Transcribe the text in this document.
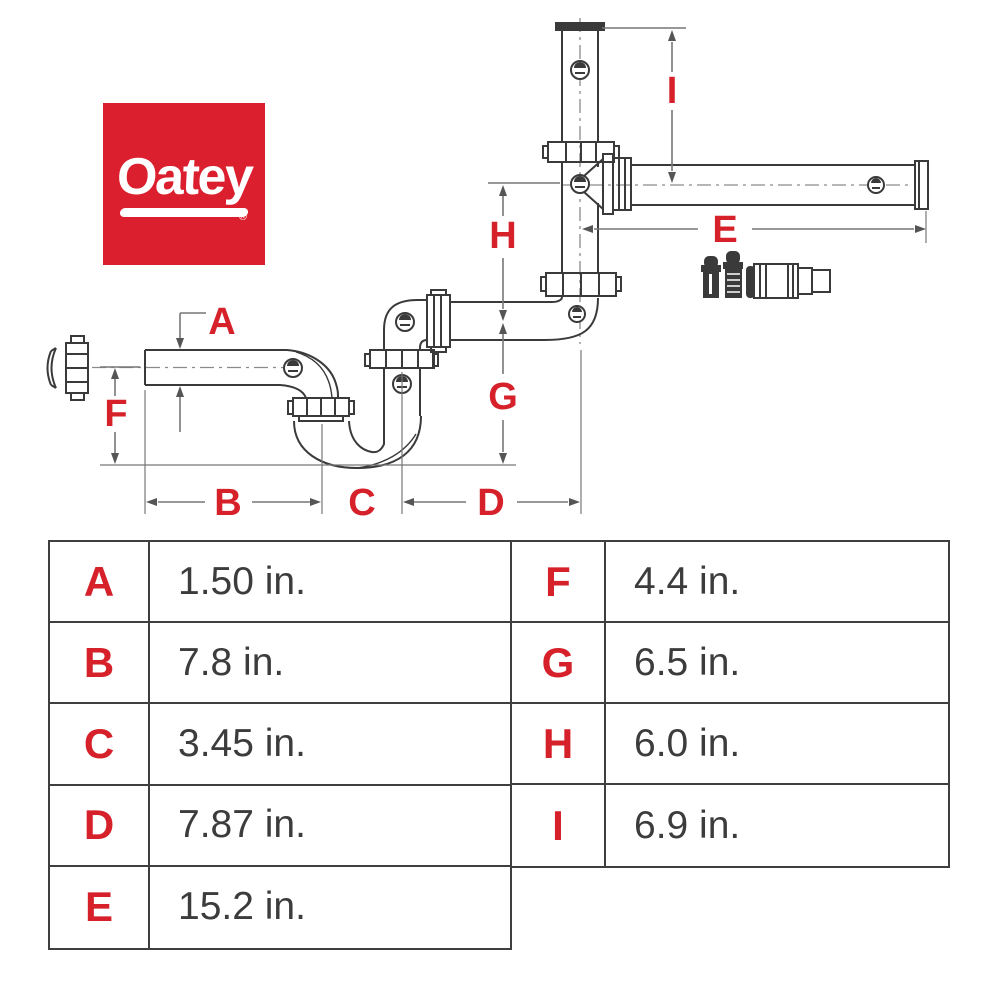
Oatey
®
A
B	C	D
E
F	G
H
I
A	1.50 in.
B	7.8 in.
C	3.45 in.
D	7.87 in.
E	15.2 in.
F	4.4 in.
G	6.5 in.
H	6.0 in.
I	6.9 in.
